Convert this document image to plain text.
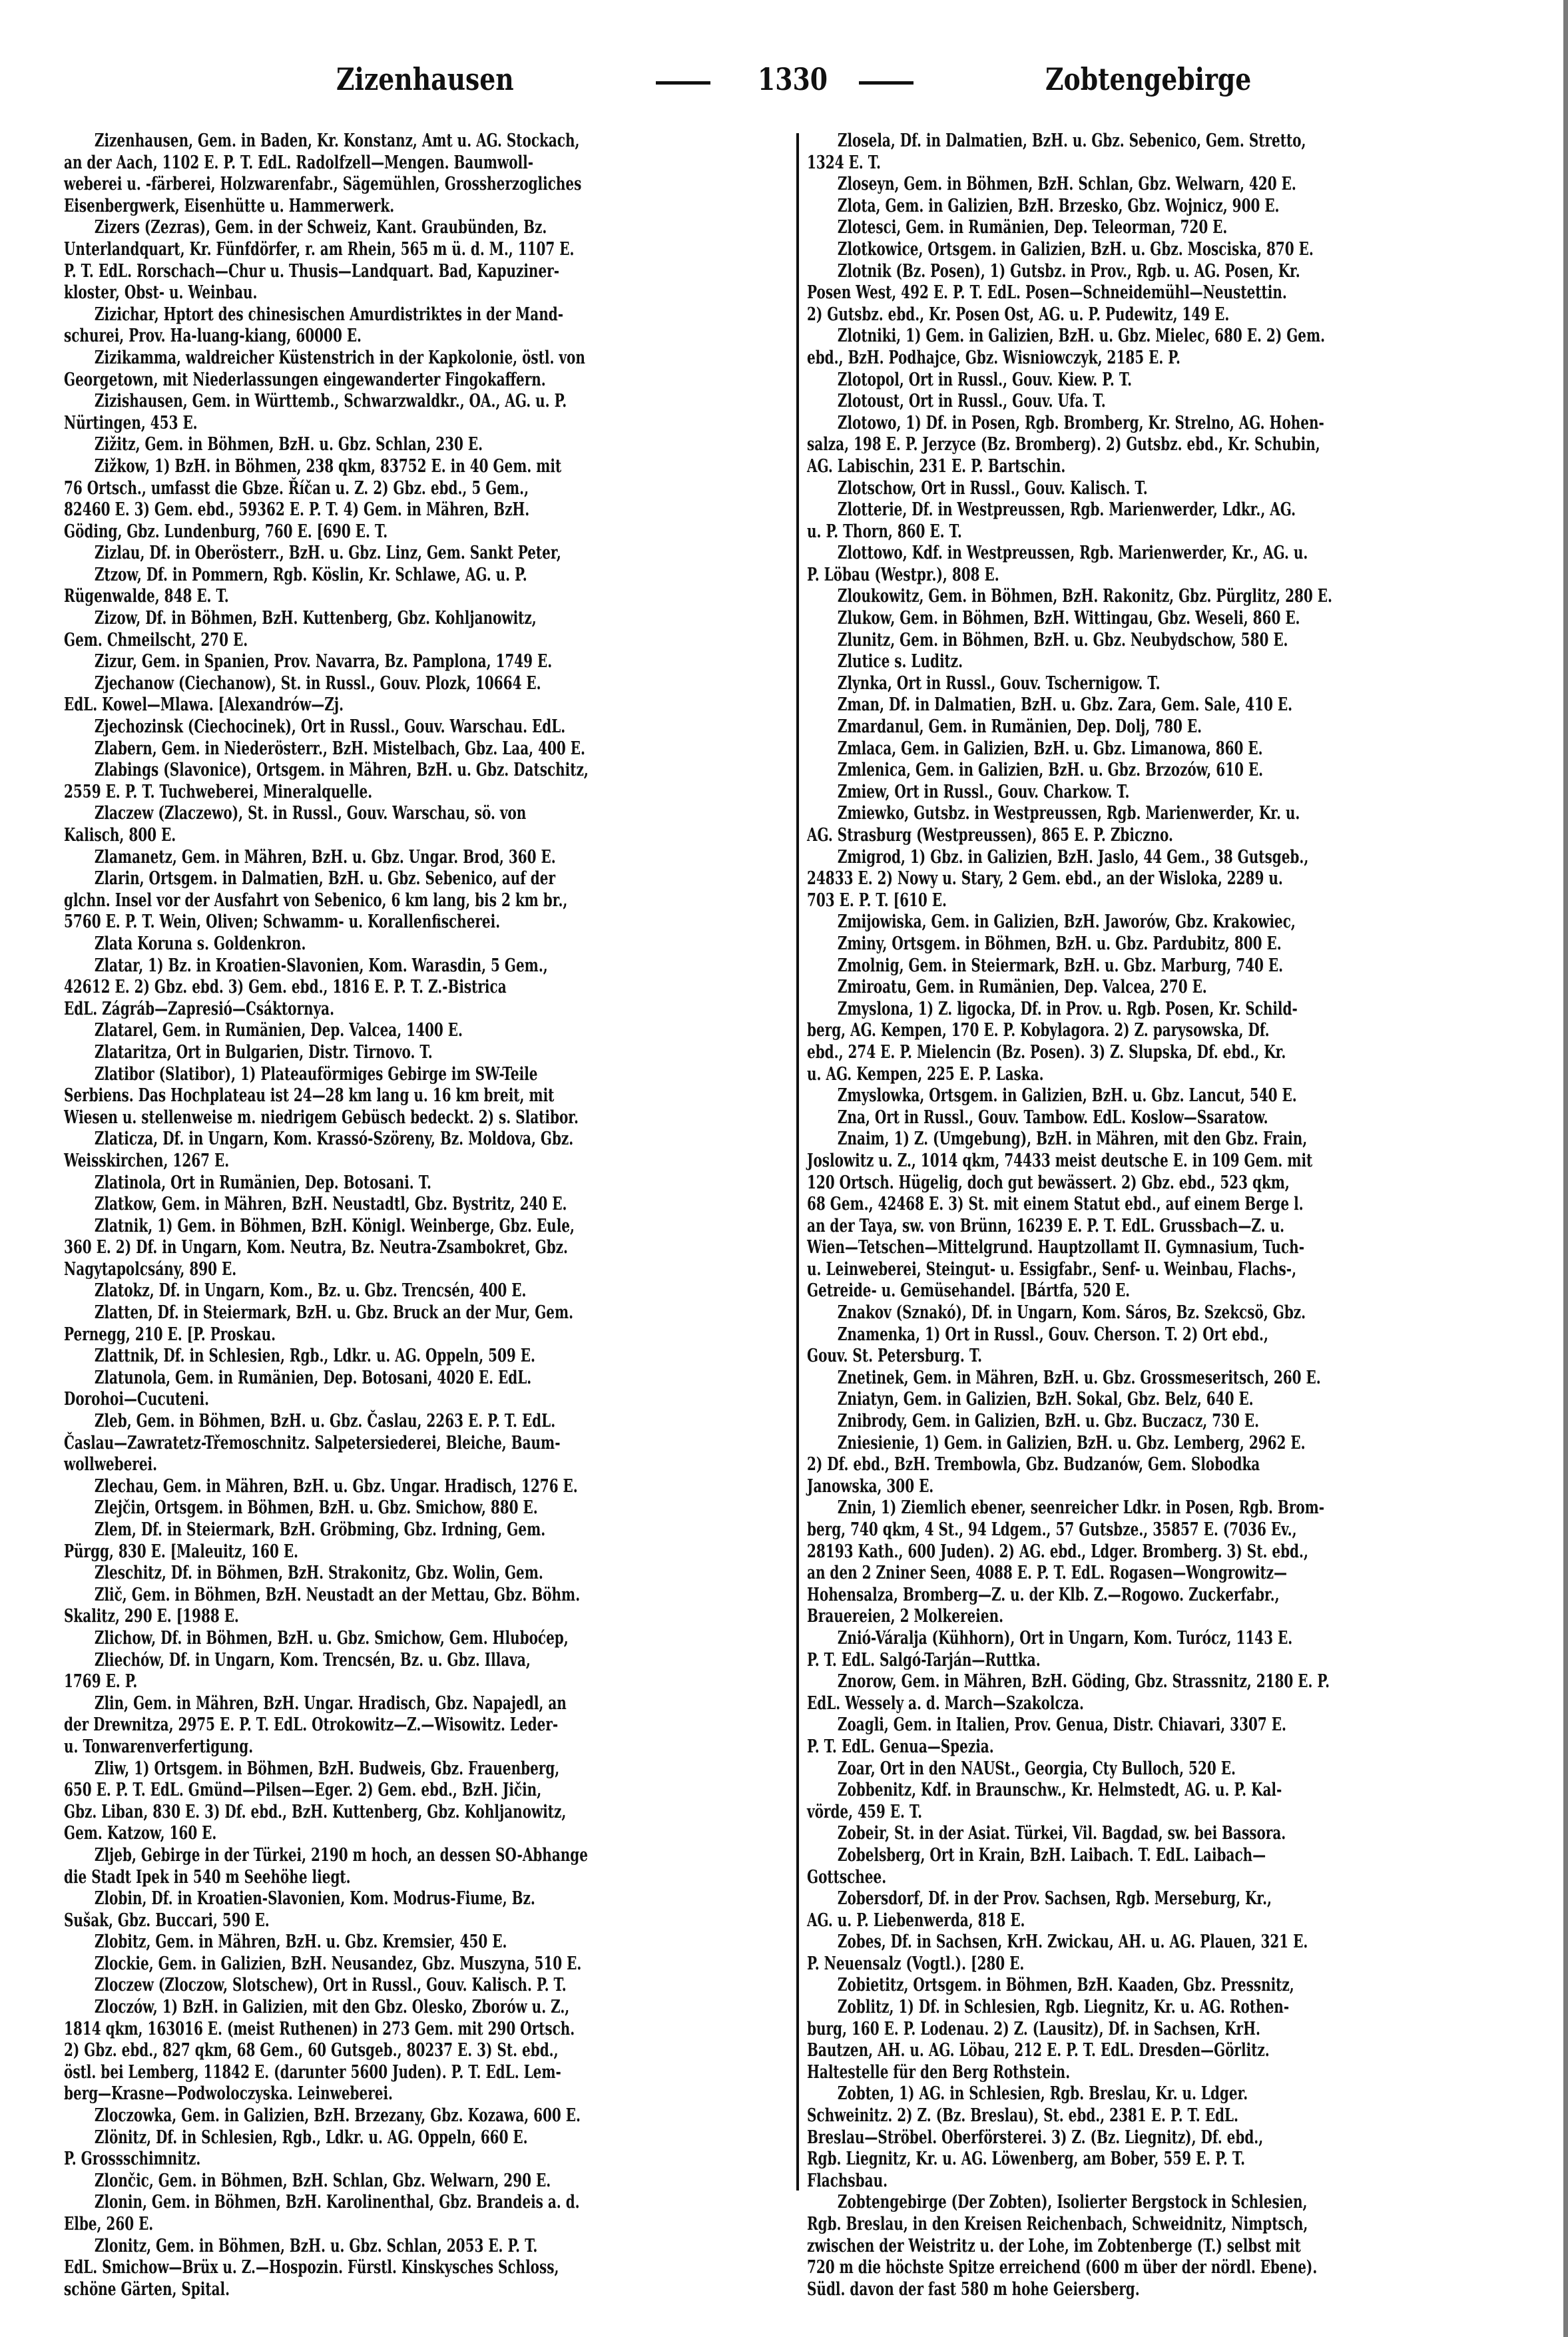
Zizenhausen	1330	Zobtengebirge
Zizenhausen, Gem. in Baden, Kr. Konstanz, Amt u. AG. Stockach,
an der Aach, 1102 E. P. T. EdL. Radolfzell—Mengen. Baumwoll-
weberei u. -färberei, Holzwarenfabr., Sägemühlen, Grossherzogliches
Eisenbergwerk, Eisenhütte u. Hammerwerk.
Zizers (Zezras), Gem. in der Schweiz, Kant. Graubünden, Bz.
Unterlandquart, Kr. Fünfdörfer, r. am Rhein, 565 m ü. d. M., 1107 E.
P. T. EdL. Rorschach—Chur u. Thusis—Landquart. Bad, Kapuziner-
kloster, Obst- u. Weinbau.
Zizichar, Hptort des chinesischen Amurdistriktes in der Mand-
schurei, Prov. Ha-luang-kiang, 60000 E.
Zizikamma, waldreicher Küstenstrich in der Kapkolonie, östl. von
Georgetown, mit Niederlassungen eingewanderter Fingokaffern.
Zizishausen, Gem. in Württemb., Schwarzwaldkr., OA., AG. u. P.
Nürtingen, 453 E.
Zižitz, Gem. in Böhmen, BzH. u. Gbz. Schlan, 230 E.
Zižkow, 1) BzH. in Böhmen, 238 qkm, 83752 E. in 40 Gem. mit
76 Ortsch., umfasst die Gbze. Říčan u. Z. 2) Gbz. ebd., 5 Gem.,
82460 E. 3) Gem. ebd., 59362 E. P. T. 4) Gem. in Mähren, BzH.
Göding, Gbz. Lundenburg, 760 E. [690 E. T.
Zizlau, Df. in Oberösterr., BzH. u. Gbz. Linz, Gem. Sankt Peter,
Ztzow, Df. in Pommern, Rgb. Köslin, Kr. Schlawe, AG. u. P.
Rügenwalde, 848 E. T.
Zizow, Df. in Böhmen, BzH. Kuttenberg, Gbz. Kohljanowitz,
Gem. Chmeilscht, 270 E.
Zizur, Gem. in Spanien, Prov. Navarra, Bz. Pamplona, 1749 E.
Zjechanow (Ciechanow), St. in Russl., Gouv. Plozk, 10664 E.
EdL. Kowel—Mlawa. [Alexandrów—Zj.
Zjechozinsk (Ciechocinek), Ort in Russl., Gouv. Warschau. EdL.
Zlabern, Gem. in Niederösterr., BzH. Mistelbach, Gbz. Laa, 400 E.
Zlabings (Slavonice), Ortsgem. in Mähren, BzH. u. Gbz. Datschitz,
2559 E. P. T. Tuchweberei, Mineralquelle.
Zlaczew (Zlaczewo), St. in Russl., Gouv. Warschau, sö. von
Kalisch, 800 E.
Zlamanetz, Gem. in Mähren, BzH. u. Gbz. Ungar. Brod, 360 E.
Zlarin, Ortsgem. in Dalmatien, BzH. u. Gbz. Sebenico, auf der
glchn. Insel vor der Ausfahrt von Sebenico, 6 km lang, bis 2 km br.,
5760 E. P. T. Wein, Oliven; Schwamm- u. Korallenfischerei.
Zlata Koruna s. Goldenkron.
Zlatar, 1) Bz. in Kroatien-Slavonien, Kom. Warasdin, 5 Gem.,
42612 E. 2) Gbz. ebd. 3) Gem. ebd., 1816 E. P. T. Z.-Bistrica
EdL. Zágráb—Zapresió—Csáktornya.
Zlatarel, Gem. in Rumänien, Dep. Valcea, 1400 E.
Zlataritza, Ort in Bulgarien, Distr. Tirnovo. T.
Zlatibor (Slatibor), 1) Plateauförmiges Gebirge im SW-Teile
Serbiens. Das Hochplateau ist 24—28 km lang u. 16 km breit, mit
Wiesen u. stellenweise m. niedrigem Gebüsch bedeckt. 2) s. Slatibor.
Zlaticza, Df. in Ungarn, Kom. Krassó-Szöreny, Bz. Moldova, Gbz.
Weisskirchen, 1267 E.
Zlatinola, Ort in Rumänien, Dep. Botosani. T.
Zlatkow, Gem. in Mähren, BzH. Neustadtl, Gbz. Bystritz, 240 E.
Zlatnik, 1) Gem. in Böhmen, BzH. Königl. Weinberge, Gbz. Eule,
360 E. 2) Df. in Ungarn, Kom. Neutra, Bz. Neutra-Zsambokret, Gbz.
Nagytapolcsány, 890 E.
Zlatokz, Df. in Ungarn, Kom., Bz. u. Gbz. Trencsén, 400 E.
Zlatten, Df. in Steiermark, BzH. u. Gbz. Bruck an der Mur, Gem.
Pernegg, 210 E. [P. Proskau.
Zlattnik, Df. in Schlesien, Rgb., Ldkr. u. AG. Oppeln, 509 E.
Zlatunola, Gem. in Rumänien, Dep. Botosani, 4020 E. EdL.
Dorohoi—Cucuteni.
Zleb, Gem. in Böhmen, BzH. u. Gbz. Časlau, 2263 E. P. T. EdL.
Časlau—Zawratetz-Třemoschnitz. Salpetersiederei, Bleiche, Baum-
wollweberei.
Zlechau, Gem. in Mähren, BzH. u. Gbz. Ungar. Hradisch, 1276 E.
Zlejčin, Ortsgem. in Böhmen, BzH. u. Gbz. Smichow, 880 E.
Zlem, Df. in Steiermark, BzH. Gröbming, Gbz. Irdning, Gem.
Pürgg, 830 E. [Maleuitz, 160 E.
Zleschitz, Df. in Böhmen, BzH. Strakonitz, Gbz. Wolin, Gem.
Zlič, Gem. in Böhmen, BzH. Neustadt an der Mettau, Gbz. Böhm.
Skalitz, 290 E. [1988 E.
Zlichow, Df. in Böhmen, BzH. u. Gbz. Smichow, Gem. Hluboćep,
Zliechów, Df. in Ungarn, Kom. Trencsén, Bz. u. Gbz. Illava,
1769 E. P.
Zlin, Gem. in Mähren, BzH. Ungar. Hradisch, Gbz. Napajedl, an
der Drewnitza, 2975 E. P. T. EdL. Otrokowitz—Z.—Wisowitz. Leder-
u. Tonwarenverfertigung.
Zliw, 1) Ortsgem. in Böhmen, BzH. Budweis, Gbz. Frauenberg,
650 E. P. T. EdL. Gmünd—Pilsen—Eger. 2) Gem. ebd., BzH. Jičin,
Gbz. Liban, 830 E. 3) Df. ebd., BzH. Kuttenberg, Gbz. Kohljanowitz,
Gem. Katzow, 160 E.
Zljeb, Gebirge in der Türkei, 2190 m hoch, an dessen SO-Abhange
die Stadt Ipek in 540 m Seehöhe liegt.
Zlobin, Df. in Kroatien-Slavonien, Kom. Modrus-Fiume, Bz.
Sušak, Gbz. Buccari, 590 E.
Zlobitz, Gem. in Mähren, BzH. u. Gbz. Kremsier, 450 E.
Zlockie, Gem. in Galizien, BzH. Neusandez, Gbz. Muszyna, 510 E.
Zloczew (Zloczow, Slotschew), Ort in Russl., Gouv. Kalisch. P. T.
Zloczów, 1) BzH. in Galizien, mit den Gbz. Olesko, Zborów u. Z.,
1814 qkm, 163016 E. (meist Ruthenen) in 273 Gem. mit 290 Ortsch.
2) Gbz. ebd., 827 qkm, 68 Gem., 60 Gutsgeb., 80237 E. 3) St. ebd.,
östl. bei Lemberg, 11842 E. (darunter 5600 Juden). P. T. EdL. Lem-
berg—Krasne—Podwoloczyska. Leinweberei.
Zloczowka, Gem. in Galizien, BzH. Brzezany, Gbz. Kozawa, 600 E.
Zlönitz, Df. in Schlesien, Rgb., Ldkr. u. AG. Oppeln, 660 E.
P. Grossschimnitz.
Zlončic, Gem. in Böhmen, BzH. Schlan, Gbz. Welwarn, 290 E.
Zlonin, Gem. in Böhmen, BzH. Karolinenthal, Gbz. Brandeis a. d.
Elbe, 260 E.
Zlonitz, Gem. in Böhmen, BzH. u. Gbz. Schlan, 2053 E. P. T.
EdL. Smichow—Brüx u. Z.—Hospozin. Fürstl. Kinskysches Schloss,
schöne Gärten, Spital.
Zlosela, Df. in Dalmatien, BzH. u. Gbz. Sebenico, Gem. Stretto,
1324 E. T.
Zloseyn, Gem. in Böhmen, BzH. Schlan, Gbz. Welwarn, 420 E.
Zlota, Gem. in Galizien, BzH. Brzesko, Gbz. Wojnicz, 900 E.
Zlotesci, Gem. in Rumänien, Dep. Teleorman, 720 E.
Zlotkowice, Ortsgem. in Galizien, BzH. u. Gbz. Mosciska, 870 E.
Zlotnik (Bz. Posen), 1) Gutsbz. in Prov., Rgb. u. AG. Posen, Kr.
Posen West, 492 E. P. T. EdL. Posen—Schneidemühl—Neustettin.
2) Gutsbz. ebd., Kr. Posen Ost, AG. u. P. Pudewitz, 149 E.
Zlotniki, 1) Gem. in Galizien, BzH. u. Gbz. Mielec, 680 E. 2) Gem.
ebd., BzH. Podhajce, Gbz. Wisniowczyk, 2185 E. P.
Zlotopol, Ort in Russl., Gouv. Kiew. P. T.
Zlotoust, Ort in Russl., Gouv. Ufa. T.
Zlotowo, 1) Df. in Posen, Rgb. Bromberg, Kr. Strelno, AG. Hohen-
salza, 198 E. P. Jerzyce (Bz. Bromberg). 2) Gutsbz. ebd., Kr. Schubin,
AG. Labischin, 231 E. P. Bartschin.
Zlotschow, Ort in Russl., Gouv. Kalisch. T.
Zlotterie, Df. in Westpreussen, Rgb. Marienwerder, Ldkr., AG.
u. P. Thorn, 860 E. T.
Zlottowo, Kdf. in Westpreussen, Rgb. Marienwerder, Kr., AG. u.
P. Löbau (Westpr.), 808 E.
Zloukowitz, Gem. in Böhmen, BzH. Rakonitz, Gbz. Pürglitz, 280 E.
Zlukow, Gem. in Böhmen, BzH. Wittingau, Gbz. Weseli, 860 E.
Zlunitz, Gem. in Böhmen, BzH. u. Gbz. Neubydschow, 580 E.
Zlutice s. Luditz.
Zlynka, Ort in Russl., Gouv. Tschernigow. T.
Zman, Df. in Dalmatien, BzH. u. Gbz. Zara, Gem. Sale, 410 E.
Zmardanul, Gem. in Rumänien, Dep. Dolj, 780 E.
Zmlaca, Gem. in Galizien, BzH. u. Gbz. Limanowa, 860 E.
Zmlenica, Gem. in Galizien, BzH. u. Gbz. Brzozów, 610 E.
Zmiew, Ort in Russl., Gouv. Charkow. T.
Zmiewko, Gutsbz. in Westpreussen, Rgb. Marienwerder, Kr. u.
AG. Strasburg (Westpreussen), 865 E. P. Zbiczno.
Zmigrod, 1) Gbz. in Galizien, BzH. Jaslo, 44 Gem., 38 Gutsgeb.,
24833 E. 2) Nowy u. Stary, 2 Gem. ebd., an der Wisloka, 2289 u.
703 E. P. T. [610 E.
Zmijowiska, Gem. in Galizien, BzH. Jaworów, Gbz. Krakowiec,
Zminy, Ortsgem. in Böhmen, BzH. u. Gbz. Pardubitz, 800 E.
Zmolnig, Gem. in Steiermark, BzH. u. Gbz. Marburg, 740 E.
Zmiroatu, Gem. in Rumänien, Dep. Valcea, 270 E.
Zmyslona, 1) Z. ligocka, Df. in Prov. u. Rgb. Posen, Kr. Schild-
berg, AG. Kempen, 170 E. P. Kobylagora. 2) Z. parysowska, Df.
ebd., 274 E. P. Mielencin (Bz. Posen). 3) Z. Slupska, Df. ebd., Kr.
u. AG. Kempen, 225 E. P. Laska.
Zmyslowka, Ortsgem. in Galizien, BzH. u. Gbz. Lancut, 540 E.
Zna, Ort in Russl., Gouv. Tambow. EdL. Koslow—Ssaratow.
Znaim, 1) Z. (Umgebung), BzH. in Mähren, mit den Gbz. Frain,
Joslowitz u. Z., 1014 qkm, 74433 meist deutsche E. in 109 Gem. mit
120 Ortsch. Hügelig, doch gut bewässert. 2) Gbz. ebd., 523 qkm,
68 Gem., 42468 E. 3) St. mit einem Statut ebd., auf einem Berge l.
an der Taya, sw. von Brünn, 16239 E. P. T. EdL. Grussbach—Z. u.
Wien—Tetschen—Mittelgrund. Hauptzollamt II. Gymnasium, Tuch-
u. Leinweberei, Steingut- u. Essigfabr., Senf- u. Weinbau, Flachs-,
Getreide- u. Gemüsehandel. [Bártfa, 520 E.
Znakov (Sznakó), Df. in Ungarn, Kom. Sáros, Bz. Szekcsö, Gbz.
Znamenka, 1) Ort in Russl., Gouv. Cherson. T. 2) Ort ebd.,
Gouv. St. Petersburg. T.
Znetinek, Gem. in Mähren, BzH. u. Gbz. Grossmeseritsch, 260 E.
Zniatyn, Gem. in Galizien, BzH. Sokal, Gbz. Belz, 640 E.
Znibrody, Gem. in Galizien, BzH. u. Gbz. Buczacz, 730 E.
Zniesienie, 1) Gem. in Galizien, BzH. u. Gbz. Lemberg, 2962 E.
2) Df. ebd., BzH. Trembowla, Gbz. Budzanów, Gem. Slobodka
Janowska, 300 E.
Znin, 1) Ziemlich ebener, seenreicher Ldkr. in Posen, Rgb. Brom-
berg, 740 qkm, 4 St., 94 Ldgem., 57 Gutsbze., 35857 E. (7036 Ev.,
28193 Kath., 600 Juden). 2) AG. ebd., Ldger. Bromberg. 3) St. ebd.,
an den 2 Zniner Seen, 4088 E. P. T. EdL. Rogasen—Wongrowitz—
Hohensalza, Bromberg—Z. u. der Klb. Z.—Rogowo. Zuckerfabr.,
Brauereien, 2 Molkereien.
Znió-Váralja (Kühhorn), Ort in Ungarn, Kom. Turócz, 1143 E.
P. T. EdL. Salgó-Tarján—Ruttka.
Znorow, Gem. in Mähren, BzH. Göding, Gbz. Strassnitz, 2180 E. P.
EdL. Wessely a. d. March—Szakolcza.
Zoagli, Gem. in Italien, Prov. Genua, Distr. Chiavari, 3307 E.
P. T. EdL. Genua—Spezia.
Zoar, Ort in den NAUSt., Georgia, Cty Bulloch, 520 E.
Zobbenitz, Kdf. in Braunschw., Kr. Helmstedt, AG. u. P. Kal-
vörde, 459 E. T.
Zobeir, St. in der Asiat. Türkei, Vil. Bagdad, sw. bei Bassora.
Zobelsberg, Ort in Krain, BzH. Laibach. T. EdL. Laibach—
Gottschee.
Zobersdorf, Df. in der Prov. Sachsen, Rgb. Merseburg, Kr.,
AG. u. P. Liebenwerda, 818 E.
Zobes, Df. in Sachsen, KrH. Zwickau, AH. u. AG. Plauen, 321 E.
P. Neuensalz (Vogtl.). [280 E.
Zobietitz, Ortsgem. in Böhmen, BzH. Kaaden, Gbz. Pressnitz,
Zoblitz, 1) Df. in Schlesien, Rgb. Liegnitz, Kr. u. AG. Rothen-
burg, 160 E. P. Lodenau. 2) Z. (Lausitz), Df. in Sachsen, KrH.
Bautzen, AH. u. AG. Löbau, 212 E. P. T. EdL. Dresden—Görlitz.
Haltestelle für den Berg Rothstein.
Zobten, 1) AG. in Schlesien, Rgb. Breslau, Kr. u. Ldger.
Schweinitz. 2) Z. (Bz. Breslau), St. ebd., 2381 E. P. T. EdL.
Breslau—Ströbel. Oberförsterei. 3) Z. (Bz. Liegnitz), Df. ebd.,
Rgb. Liegnitz, Kr. u. AG. Löwenberg, am Bober, 559 E. P. T.
Flachsbau.
Zobtengebirge (Der Zobten), Isolierter Bergstock in Schlesien,
Rgb. Breslau, in den Kreisen Reichenbach, Schweidnitz, Nimptsch,
zwischen der Weistritz u. der Lohe, im Zobtenberge (T.) selbst mit
720 m die höchste Spitze erreichend (600 m über der nördl. Ebene).
Südl. davon der fast 580 m hohe Geiersberg.
